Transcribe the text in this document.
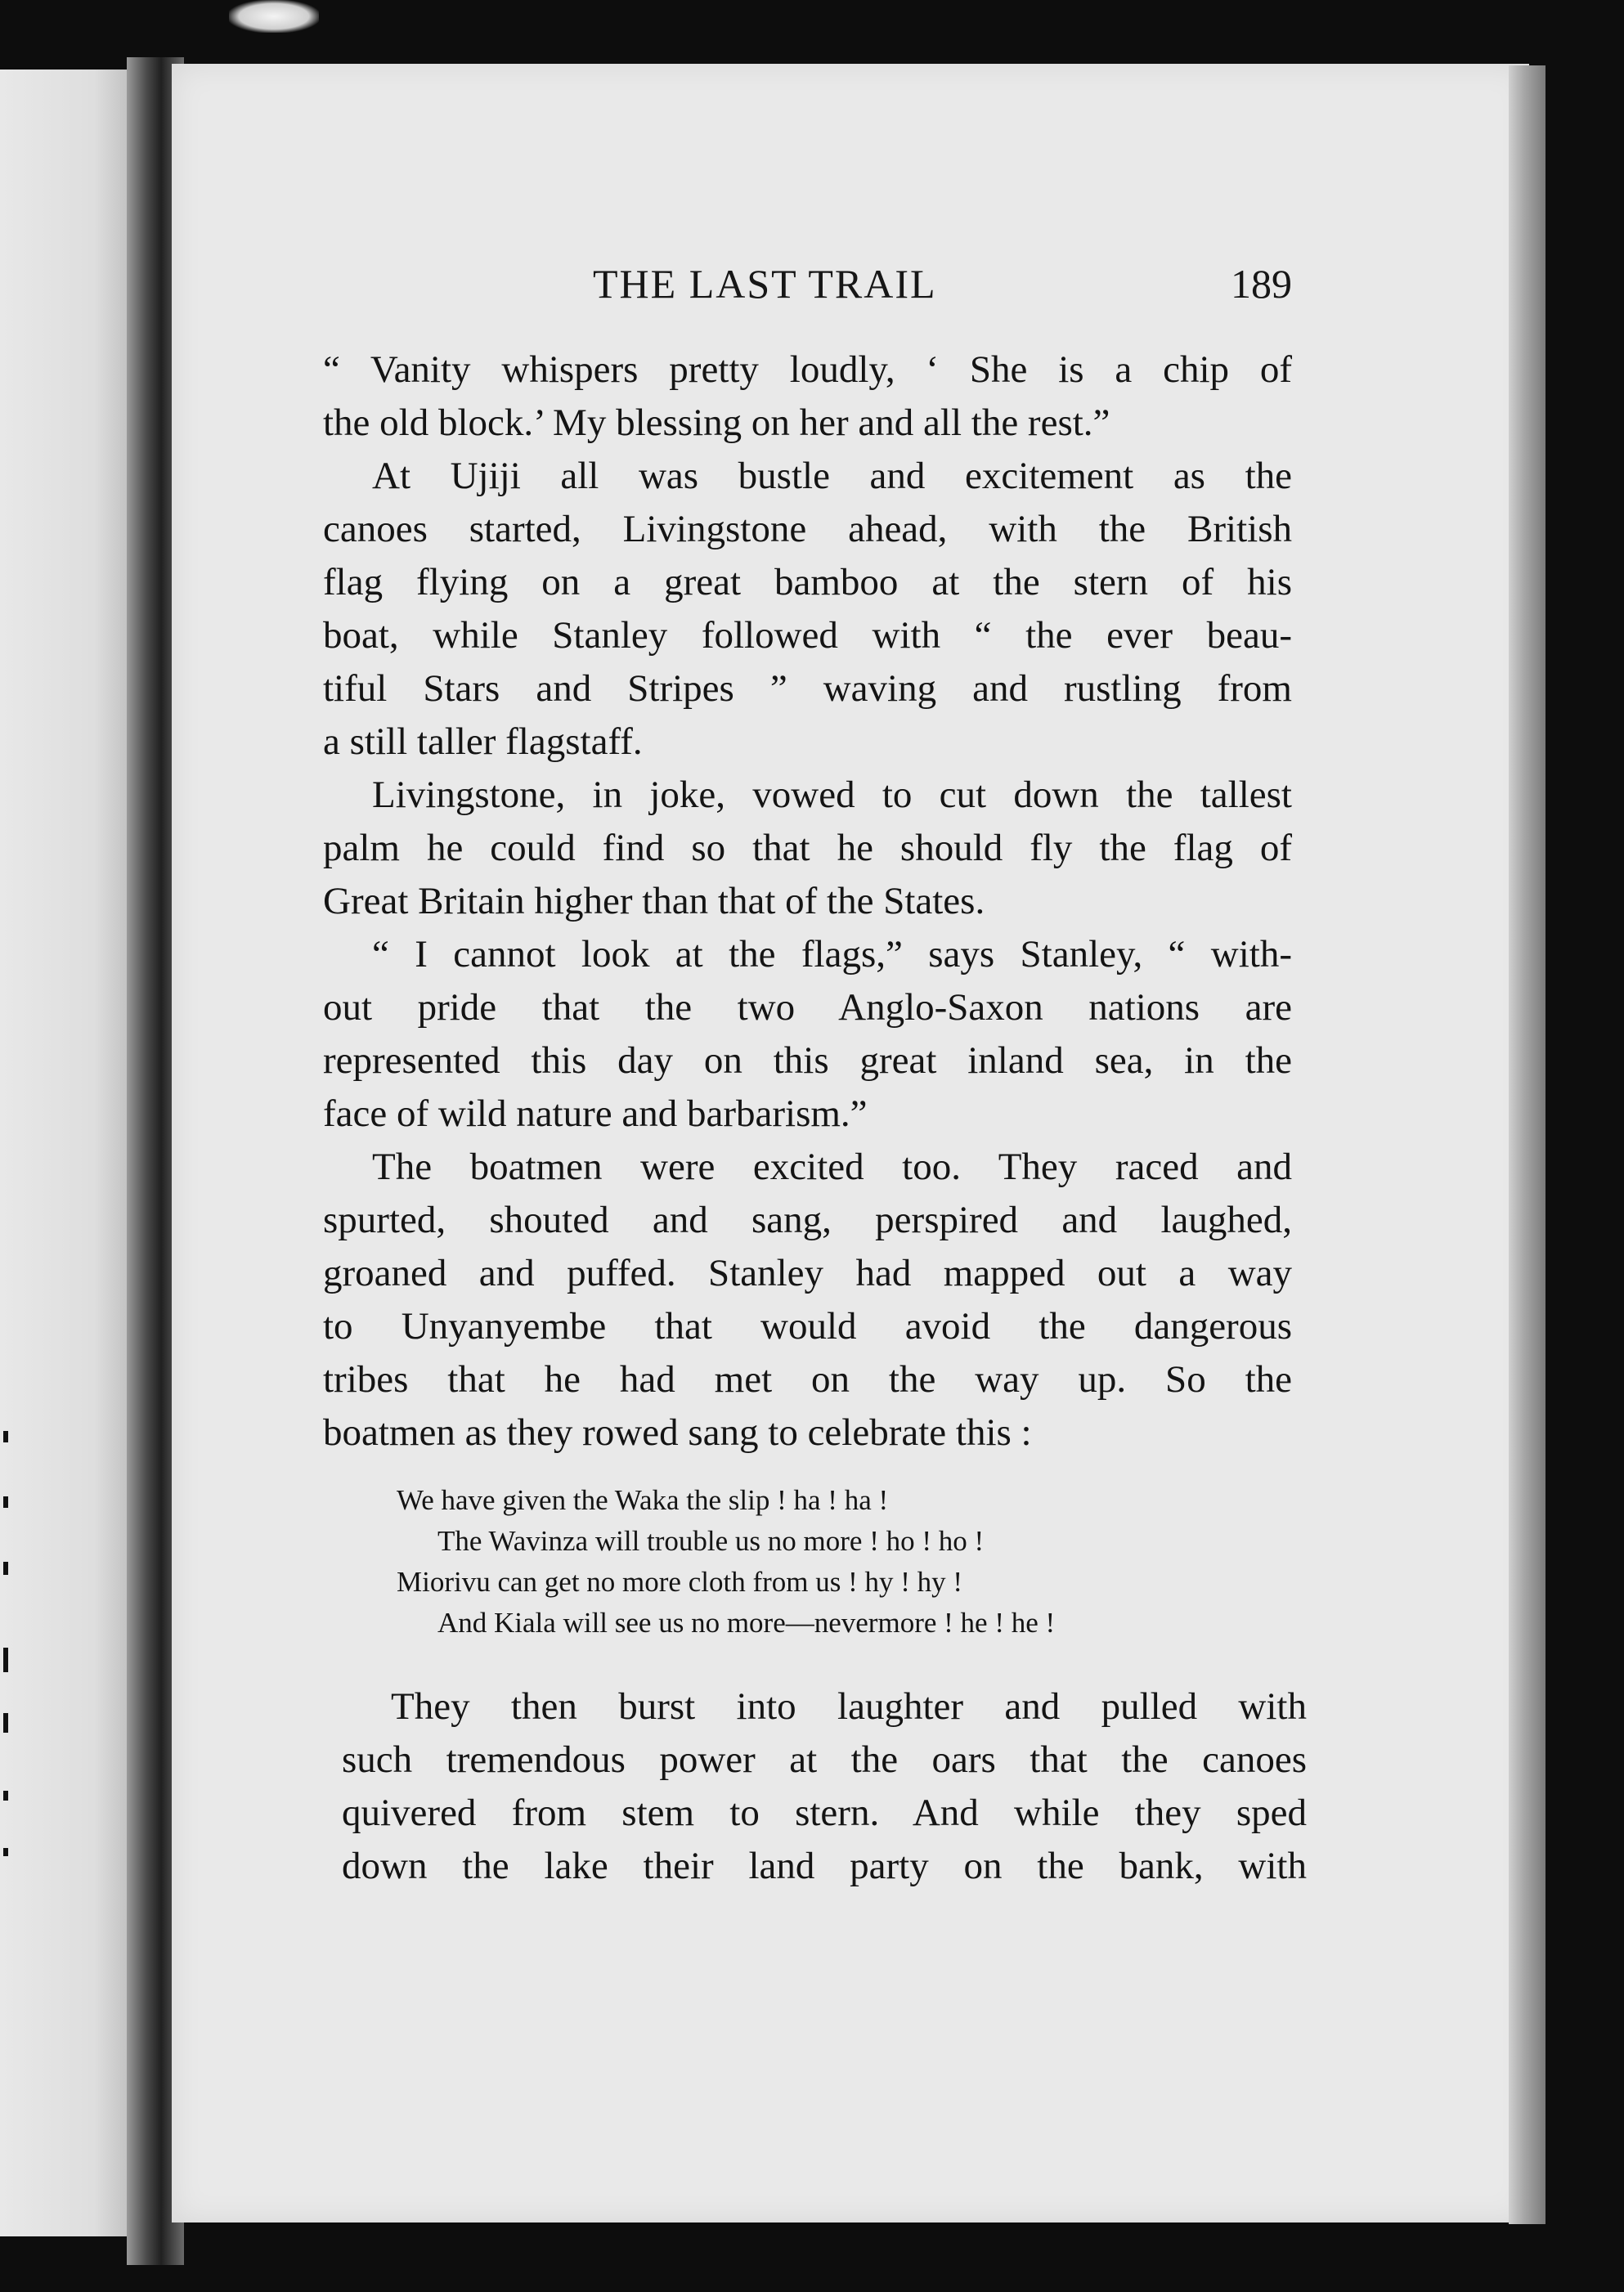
THE LAST TRAIL	189
“ Vanity whispers pretty loudly, ‘ She is a chip of
the old block.’ My blessing on her and all the rest.”
At Ujiji all was bustle and excitement as the
canoes started, Livingstone ahead, with the British
flag flying on a great bamboo at the stern of his
boat, while Stanley followed with “ the ever beau-
tiful Stars and Stripes ” waving and rustling from
a still taller flagstaff.
Livingstone, in joke, vowed to cut down the tallest
palm he could find so that he should fly the flag of
Great Britain higher than that of the States.
“ I cannot look at the flags,” says Stanley, “ with-
out pride that the two Anglo-Saxon nations are
represented this day on this great inland sea, in the
face of wild nature and barbarism.”
The boatmen were excited too. They raced and
spurted, shouted and sang, perspired and laughed,
groaned and puffed. Stanley had mapped out a way
to Unyanyembe that would avoid the dangerous
tribes that he had met on the way up. So the
boatmen as they rowed sang to celebrate this :
We have given the Waka the slip ! ha ! ha !
The Wavinza will trouble us no more ! ho ! ho !
Miorivu can get no more cloth from us ! hy ! hy !
And Kiala will see us no more—nevermore ! he ! he !
They then burst into laughter and pulled with
such tremendous power at the oars that the canoes
quivered from stem to stern. And while they sped
down the lake their land party on the bank, with
